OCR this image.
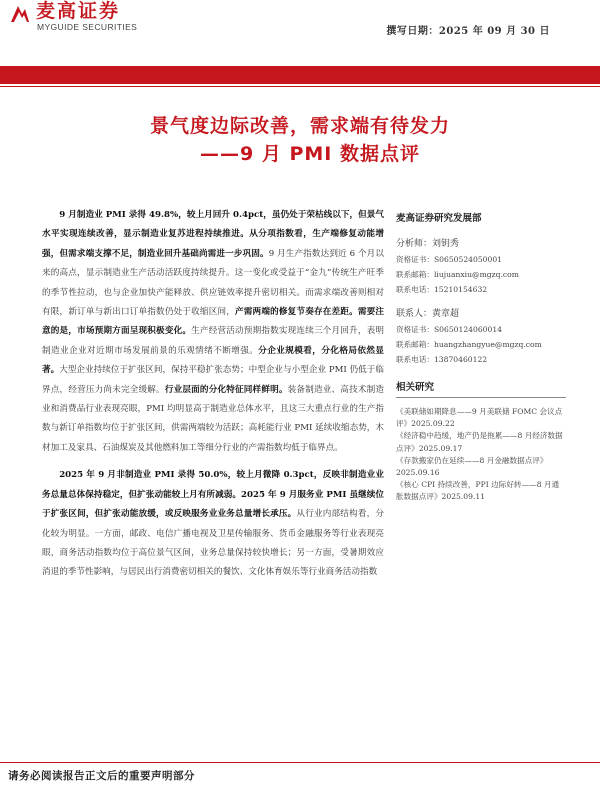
麦高证券
MYGUIDE SECURITIES	撰写日期：2025 年 09 月 30 日
景气度边际改善，需求端有待发力
——9 月 PMI 数据点评

9 月制造业 PMI 录得 49.8%，较上月回升 0.4pct，虽仍处于荣枯线以下，但景气水平实现连续改善，显示制造业复苏进程持续推进。从分项指数看，生产端修复动能增强，但需求端支撑不足，制造业回升基础尚需进一步巩固。9 月生产指数达到近 6 个月以来的高点，显示制造业生产活动活跃度持续提升。这一变化或受益于“金九”传统生产旺季的季节性拉动，也与企业加快产能释放、供应链效率提升密切相关。而需求端改善则相对有限，新订单与新出口订单指数仍处于收缩区间，产需两端的修复节奏存在差距。需要注意的是，市场预期方面呈现积极变化。生产经营活动预期指数实现连续三个月回升，表明制造业企业对近期市场发展前景的乐观情绪不断增强。分企业规模看，分化格局依然显著。大型企业持续位于扩张区间，保持平稳扩张态势；中型企业与小型企业 PMI 仍低于临界点，经营压力尚未完全缓解。行业层面的分化特征同样鲜明。装备制造业、高技术制造业和消费品行业表现亮眼，PMI 均明显高于制造业总体水平，且这三大重点行业的生产指数与新订单指数均位于扩张区间，供需两端较为活跃；高耗能行业 PMI 延续收缩态势，木材加工及家具、石油煤炭及其他燃料加工等细分行业的产需指数均低于临界点。

2025 年 9 月非制造业 PMI 录得 50.0%，较上月微降 0.3pct，反映非制造业业务总量总体保持稳定，但扩张动能较上月有所减弱。2025 年 9 月服务业 PMI 虽继续位于扩张区间，但扩张动能放缓，或反映服务业业务总量增长承压。从行业内部结构看，分化较为明显。一方面，邮政、电信广播电视及卫星传输服务、货币金融服务等行业表现亮眼，商务活动指数均位于高位景气区间，业务总量保持较快增长；另一方面，受暑期效应消退的季节性影响，与居民出行消费密切相关的餐饮、文化体育娱乐等行业商务活动指数

麦高证券研究发展部
分析师：刘钥秀
资格证书：S0650524050001
联系邮箱：liujuanxiu@mgzq.com
联系电话：15210154632
联系人：黄章超
资格证书：S0650124060014
联系邮箱：huangzhangyue@mgzq.com
联系电话：13870460122
相关研究
《美联储如期降息——9 月美联储 FOMC 会议点评》2025.09.22
《经济稳中趋缓，地产仍是拖累——8 月经济数据点评》2025.09.17
《存款搬家仍在延续——8 月金融数据点评》2025.09.16
《核心 CPI 持续改善，PPI 边际好转——8 月通胀数据点评》2025.09.11
请务必阅读报告正文后的重要声明部分
